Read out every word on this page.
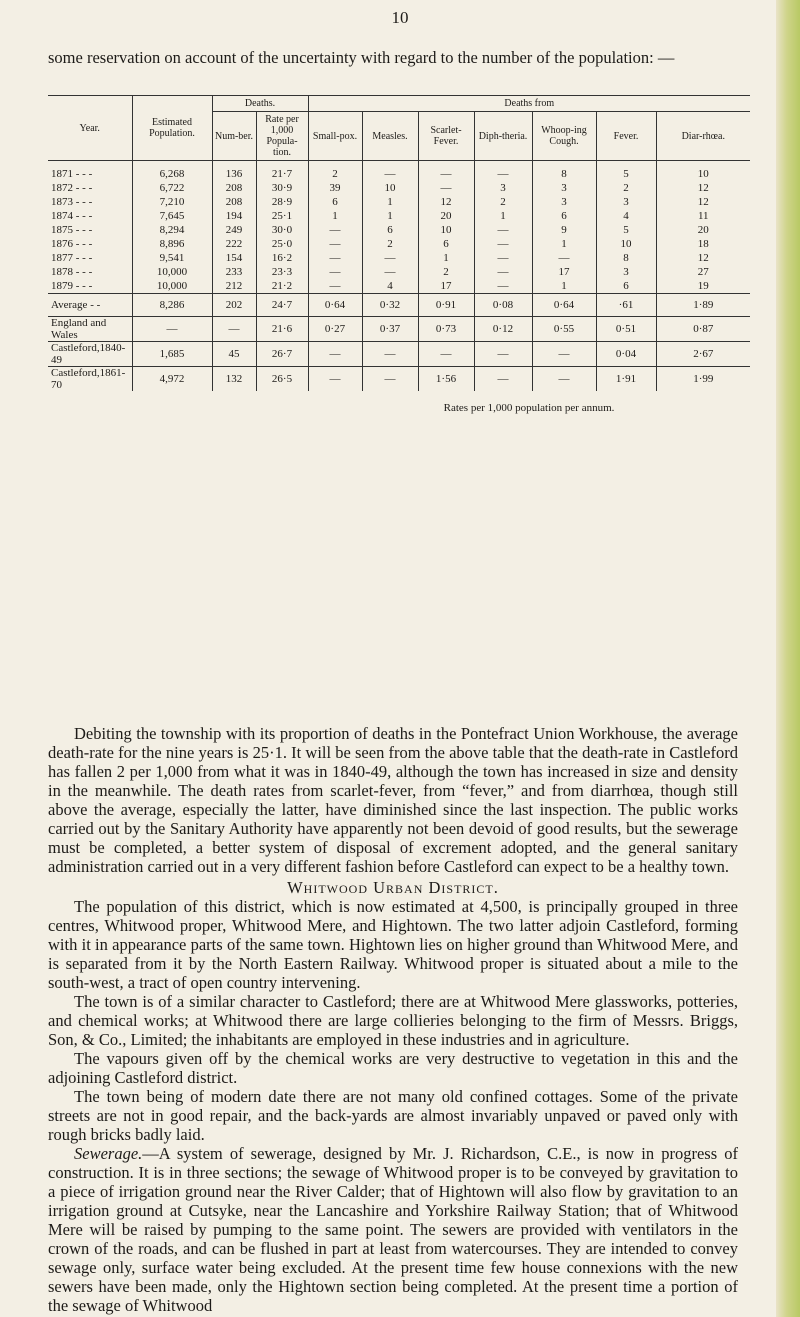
10

some reservation on account of the uncertainty with regard to the number of the population: —

Year.	Estimated Population.	Deaths.		Deaths from						
		Num-ber.	Rate per 1,000 Popula-tion.	Small-pox.	Measles.	Scarlet-Fever.	Diph-theria.	Whoop-ing Cough.	Fever.	Diar-rhœa.

1871 - - -	6,268	136	21·7	2	—	—	—	8	5	10
1872 - - -	6,722	208	30·9	39	10	—	3	3	2	12
1873 - - -	7,210	208	28·9	6	1	12	2	3	3	12
1874 - - -	7,645	194	25·1	1	1	20	1	6	4	11
1875 - - -	8,294	249	30·0	—	6	10	—	9	5	20
1876 - - -	8,896	222	25·0	—	2	6	—	1	10	18
1877 - - -	9,541	154	16·2	—	—	1	—	—	8	12
1878 - - -	10,000	233	23·3	—	—	2	—	17	3	27
1879 - - -	10,000	212	21·2	—	4	17	—	1	6	19
Average - -	8,286	202	24·7	0·64	0·32	0·91	0·08	0·64	·61	1·89
England and Wales	—	—	21·6	0·27	0·37	0·73	0·12	0·55	0·51	0·87
Castleford,1840-49	1,685	45	26·7	—	—	—	—	—	0·04	2·67
Castleford,1861-70	4,972	132	26·5	—	—	1·56	—	—	1·91	1·99
				Rates per 1,000 population per annum.						

Debiting the township with its proportion of deaths in the Pontefract Union Workhouse, the average death-rate for the nine years is 25·1. It will be seen from the above table that the death-rate in Castleford has fallen 2 per 1,000 from what it was in 1840-49, although the town has increased in size and density in the meanwhile. The death rates from scarlet-fever, from “fever,” and from diarrhœa, though still above the average, especially the latter, have diminished since the last inspection. The public works carried out by the Sanitary Authority have apparently not been devoid of good results, but the sewerage must be completed, a better system of disposal of excrement adopted, and the general sanitary administration carried out in a very different fashion before Castleford can expect to be a healthy town.

Whitwood Urban District.

The population of this district, which is now estimated at 4,500, is principally grouped in three centres, Whitwood proper, Whitwood Mere, and Hightown. The two latter adjoin Castleford, forming with it in appearance parts of the same town. Hightown lies on higher ground than Whitwood Mere, and is separated from it by the North Eastern Railway. Whitwood proper is situated about a mile to the south-west, a tract of open country intervening.

The town is of a similar character to Castleford; there are at Whitwood Mere glassworks, potteries, and chemical works; at Whitwood there are large collieries belonging to the firm of Messrs. Briggs, Son, & Co., Limited; the inhabitants are employed in these industries and in agriculture.

The vapours given off by the chemical works are very destructive to vegetation in this and the adjoining Castleford district.

The town being of modern date there are not many old confined cottages. Some of the private streets are not in good repair, and the back-yards are almost invariably unpaved or paved only with rough bricks badly laid.

Sewerage.—A system of sewerage, designed by Mr. J. Richardson, C.E., is now in progress of construction. It is in three sections; the sewage of Whitwood proper is to be conveyed by gravitation to a piece of irrigation ground near the River Calder; that of Hightown will also flow by gravitation to an irrigation ground at Cutsyke, near the Lancashire and Yorkshire Railway Station; that of Whitwood Mere will be raised by pumping to the same point. The sewers are provided with ventilators in the crown of the roads, and can be flushed in part at least from watercourses. They are intended to convey sewage only, surface water being excluded. At the present time few house connexions with the new sewers have been made, only the Hightown section being completed. At the present time a portion of the sewage of Whitwood
